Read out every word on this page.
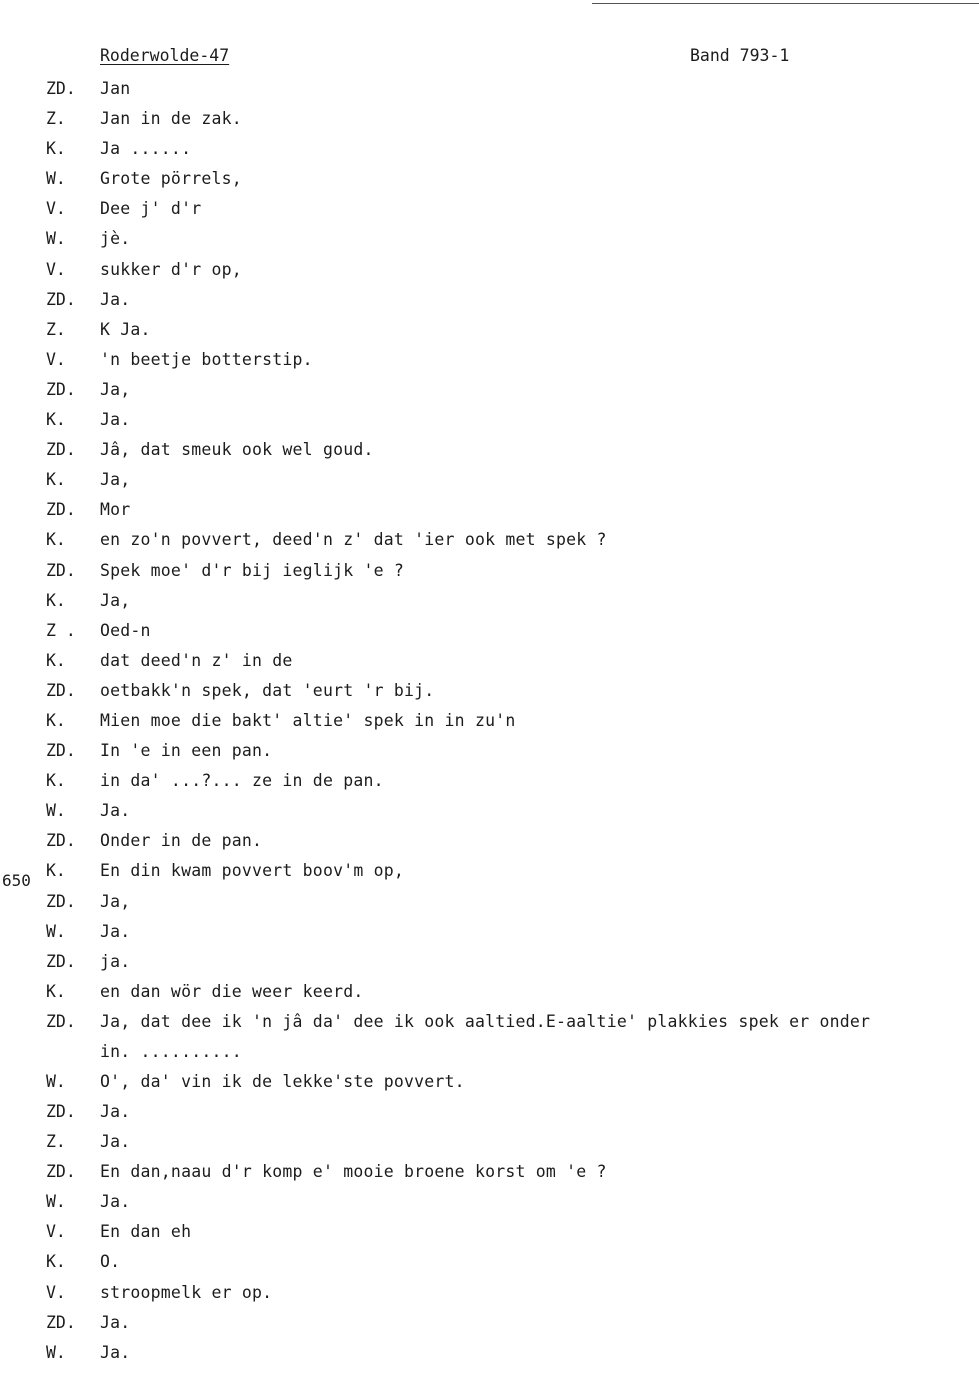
Roderwolde-47	Band 793-1
650
ZD.	Jan
Z.	Jan in de zak.
K.	Ja ......
W.	Grote pörrels,
V.	Dee j' d'r
W.	jè.
V.	sukker d'r op,
ZD.	Ja.
Z.	K Ja.
V.	'n beetje botterstip.
ZD.	Ja,
K.	Ja.
ZD.	Jâ, dat smeuk ook wel goud.
K.	Ja,
ZD.	Mor
K.	en zo'n povvert, deed'n z' dat 'ier ook met spek ?
ZD.	Spek moe' d'r bij ieglijk 'e ?
K.	Ja,
Z .	Oed-n
K.	dat deed'n z' in de
ZD.	oetbakk'n spek, dat 'eurt 'r bij.
K.	Mien moe die bakt' altie' spek in in zu'n
ZD.	In 'e in een pan.
K.	in da' ...?... ze in de pan.
W.	Ja.
ZD.	Onder in de pan.
K.	En din kwam povvert boov'm op,
ZD.	Ja,
W.	Ja.
ZD.	ja.
K.	en dan wör die weer keerd.
ZD.	Ja, dat dee ik 'n jâ da' dee ik ook aaltied.E-aaltie' plakkies spek er onder
in. ..........
W.	O', da' vin ik de lekke'ste povvert.
ZD.	Ja.
Z.	Ja.
ZD.	En dan,naau d'r komp e' mooie broene korst om 'e ?
W.	Ja.
V.	En dan eh
K.	O.
V.	stroopmelk er op.
ZD.	Ja.
W.	Ja.
